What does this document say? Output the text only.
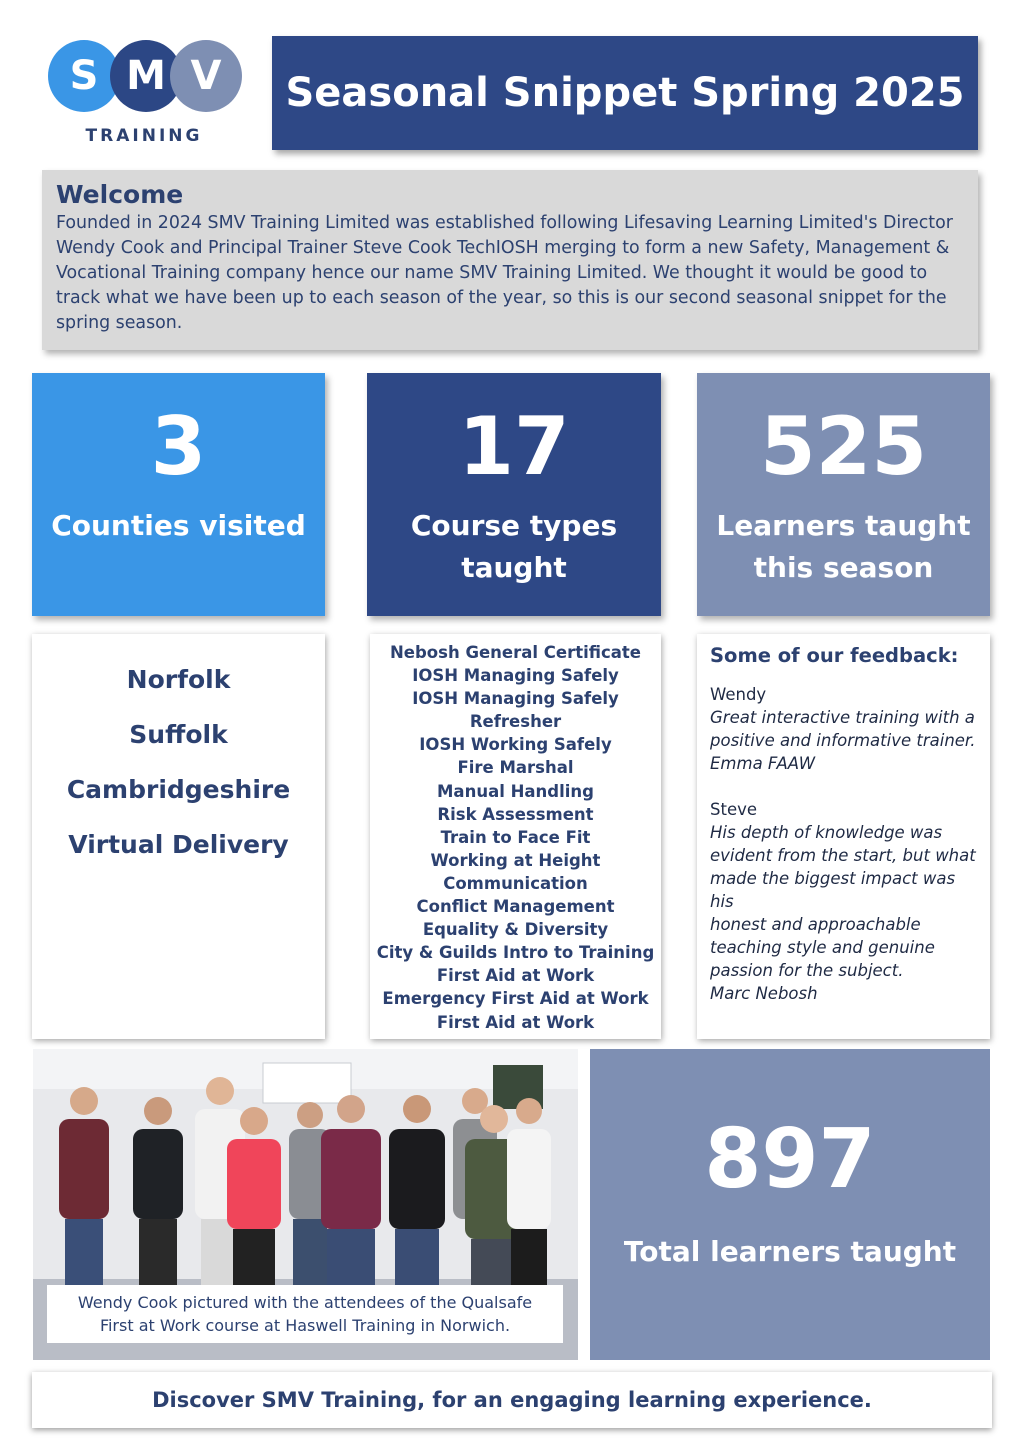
S M V
TRAINING
Seasonal Snippet Spring 2025
Welcome

Founded in 2024 SMV Training Limited was established following Lifesaving Learning Limited's Director Wendy Cook and Principal Trainer Steve Cook TechIOSH merging to form a new Safety, Management & Vocational Training company hence our name SMV Training Limited. We thought it would be good to track what we have been up to each season of the year, so this is our second seasonal snippet for the spring season.

3
Counties visited
17
Course types
taught
525
Learners taught
this season
Norfolk
Suffolk
Cambridgeshire
Virtual Delivery
Nebosh General Certificate
IOSH Managing Safely
IOSH Managing Safely
Refresher
IOSH Working Safely
Fire Marshal
Manual Handling
Risk Assessment
Train to Face Fit
Working at Height
Communication
Conflict Management
Equality & Diversity
City & Guilds Intro to Training
First Aid at Work
Emergency First Aid at Work
First Aid at Work
Some of our feedback:
Wendy
Great interactive training with a
positive and informative trainer.
Emma FAAW
Steve
His depth of knowledge was
evident from the start, but what
made the biggest impact was his
honest and approachable
teaching style and genuine
passion for the subject.
Marc Nebosh
Wendy Cook pictured with the attendees of the Qualsafe
First at Work course at Haswell Training in Norwich.
897
Total learners taught
Discover SMV Training, for an engaging learning experience.
